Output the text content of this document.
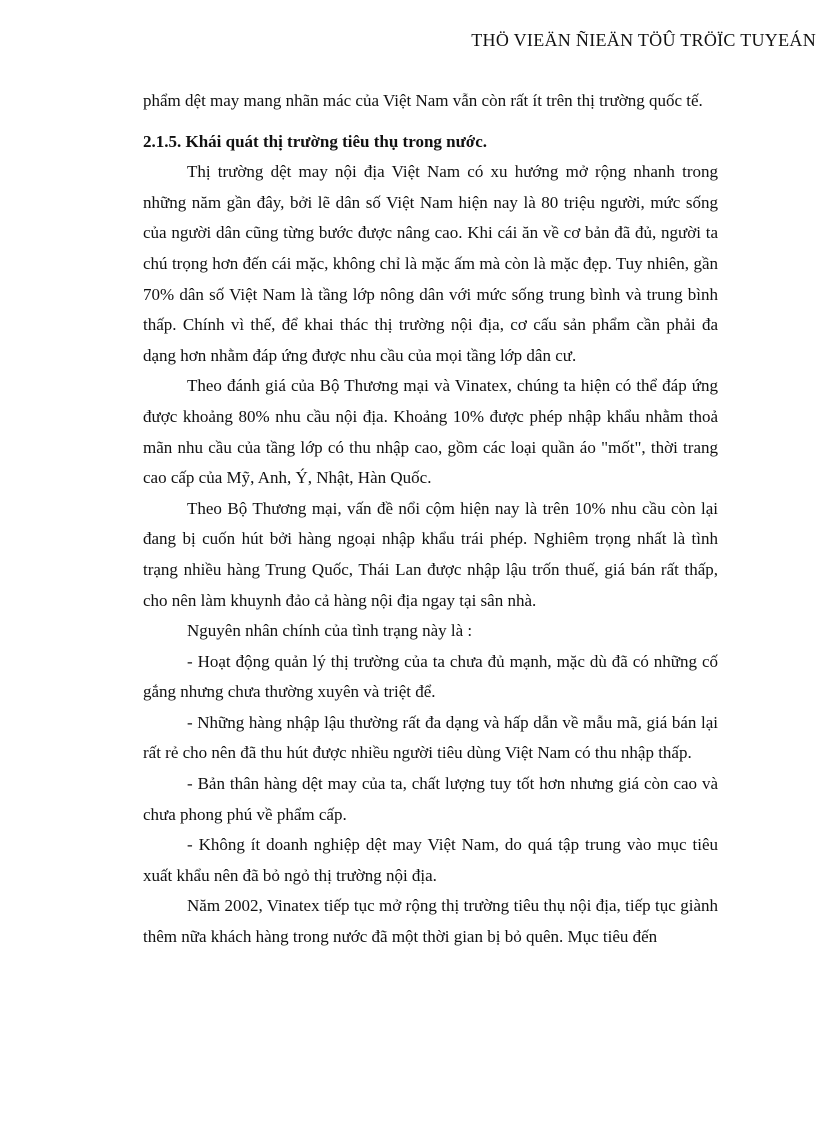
THÖ VIEÄN ÑIEÄN TÖÛ TRÖÏC TUYEÁN

phẩm dệt may mang nhãn mác của Việt Nam vẫn còn rất ít trên thị trường quốc tế.

2.1.5. Khái quát thị trường tiêu thụ trong nước.

Thị trường dệt may nội địa Việt Nam có xu hướng mở rộng nhanh trong những năm gần đây, bởi lẽ dân số Việt Nam hiện nay là 80 triệu người, mức sống của người dân cũng từng bước được nâng cao. Khi cái ăn về cơ bản đã đủ, người ta chú trọng hơn đến cái mặc, không chỉ là mặc ấm mà còn là mặc đẹp. Tuy nhiên, gần 70% dân số Việt Nam là tầng lớp nông dân với mức sống trung bình và trung bình thấp. Chính vì thế, để khai thác thị trường nội địa, cơ cấu sản phẩm cần phải đa dạng hơn nhằm đáp ứng được nhu cầu của mọi tầng lớp dân cư.

Theo đánh giá của Bộ Thương mại và Vinatex, chúng ta hiện có thể đáp ứng được khoảng 80% nhu cầu nội địa. Khoảng 10% được phép nhập khẩu nhằm thoả mãn nhu cầu của tầng lớp có thu nhập cao, gồm các loại quần áo "mốt", thời trang cao cấp của Mỹ, Anh, Ý, Nhật, Hàn Quốc.

Theo Bộ Thương mại, vấn đề nổi cộm hiện nay là trên 10% nhu cầu còn lại đang bị cuốn hút bởi hàng ngoại nhập khẩu trái phép. Nghiêm trọng nhất là tình trạng nhiều hàng Trung Quốc, Thái Lan được nhập lậu trốn thuế, giá bán rất thấp, cho nên làm khuynh đảo cả hàng nội địa ngay tại sân nhà.

Nguyên nhân chính của tình trạng này là :

- Hoạt động quản lý thị trường của ta chưa đủ mạnh, mặc dù đã có những cố gắng nhưng chưa thường xuyên và triệt để.

- Những hàng nhập lậu thường rất đa dạng và hấp dẫn về mẫu mã, giá bán lại rất rẻ cho nên đã thu hút được nhiều người tiêu dùng Việt Nam có thu nhập thấp.

- Bản thân hàng dệt may của ta, chất lượng tuy tốt hơn nhưng giá còn cao và chưa phong phú về phẩm cấp.

- Không ít doanh nghiệp dệt may Việt Nam, do quá tập trung vào mục tiêu xuất khẩu nên đã bỏ ngỏ thị trường nội địa.

Năm 2002, Vinatex tiếp tục mở rộng thị trường tiêu thụ nội địa, tiếp tục giành thêm nữa khách hàng trong nước đã một thời gian bị bỏ quên. Mục tiêu đến
